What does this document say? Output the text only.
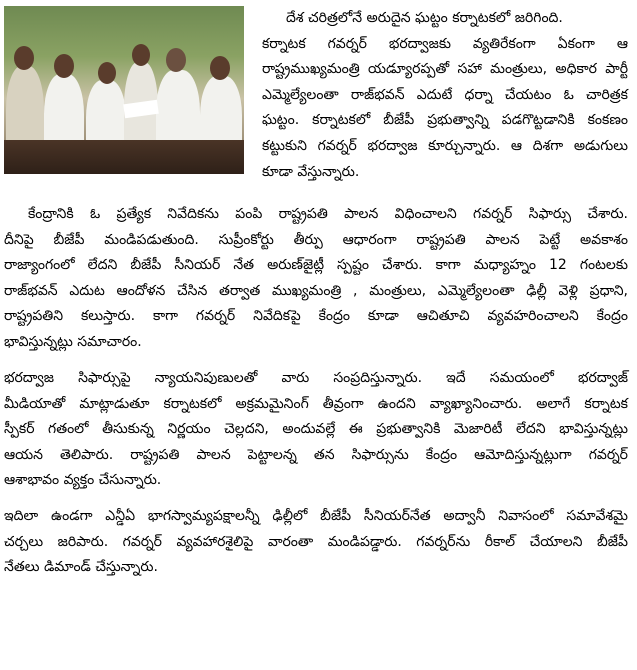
దేశ చరిత్రలోనే అరుదైన ఘట్టం కర్నాటకలో జరిగింది.
కర్నాటక గవర్నర్ భరద్వాజకు వ్యతిరేకంగా ఏకంగా ఆ
రాష్ట్రముఖ్యమంత్రి యడ్యూరప్పతో సహా మంత్రులు, అధికార పార్టీ
ఎమ్మెల్యేలంతా రాజ్‌భవన్ ఎదుటే ధర్నా చేయటం ఓ చారిత్రక
ఘట్టం. కర్నాటకలో బీజేపీ ప్రభుత్వాన్ని పడగొట్టడానికి కంకణం
కట్టుకుని గవర్నర్ భరద్వాజ కూర్చున్నారు. ఆ దిశగా అడుగులు
కూడా వేస్తున్నారు.
కేంద్రానికి ఓ ప్రత్యేక నివేదికను పంపి రాష్ట్రపతి పాలన విధించాలని గవర్నర్ సిఫార్సు చేశారు.
దీనిపై బీజేపీ మండిపడుతుంది. సుప్రీంకోర్టు తీర్పు ఆధారంగా రాష్ట్రపతి పాలన పెట్టే అవకాశం
రాజ్యాంగంలో లేదని బీజేపీ సీనియర్ నేత అరుణ్‌జైట్లీ స్పష్టం చేశారు. కాగా మధ్యాహ్నం 12 గంటలకు
రాజ్‌భవన్ ఎదుట ఆందోళన చేసిన తర్వాత ముఖ్యమంత్రి , మంత్రులు, ఎమ్మెల్యేలంతా ఢిల్లీ వెళ్లి ప్రధాని,
రాష్ట్రపతిని కలుస్తారు. కాగా గవర్నర్ నివేదికపై కేంద్రం కూడా ఆచితూచి వ్యవహరించాలని కేంద్రం
భావిస్తున్నట్లు సమాచారం.
భరద్వాజ సిఫార్సుపై న్యాయనిపుణులతో వారు సంప్రదిస్తున్నారు. ఇదే సమయంలో భరద్వాజ్
మీడియాతో మాట్లాడుతూ కర్నాటకలో అక్రమమైనింగ్ తీవ్రంగా ఉందని వ్యాఖ్యానించారు. అలాగే కర్నాటక
స్పీకర్ గతంలో తీసుకున్న నిర్ణయం చెల్లదని, అందువల్లే ఈ ప్రభుత్వానికి మెజారిటీ లేదని భావిస్తున్నట్లు
ఆయన తెలిపారు. రాష్ట్రపతి పాలన పెట్టాలన్న తన సిఫార్సును కేంద్రం ఆమోదిస్తున్నట్లుగా గవర్నర్
ఆశాభావం వ్యక్తం చేసున్నారు.
ఇదిలా ఉండగా ఎన్డీఏ భాగస్వామ్యపక్షాలన్నీ ఢిల్లీలో బీజేపీ సీనియర్‌నేత అద్వానీ నివాసంలో సమావేశమై
చర్చలు జరిపారు. గవర్నర్ వ్యవహారశైలిపై వారంతా మండిపడ్డారు. గవర్నర్‌ను రీకాల్ చేయాలని బీజేపీ
నేతలు డిమాండ్ చేస్తున్నారు.
